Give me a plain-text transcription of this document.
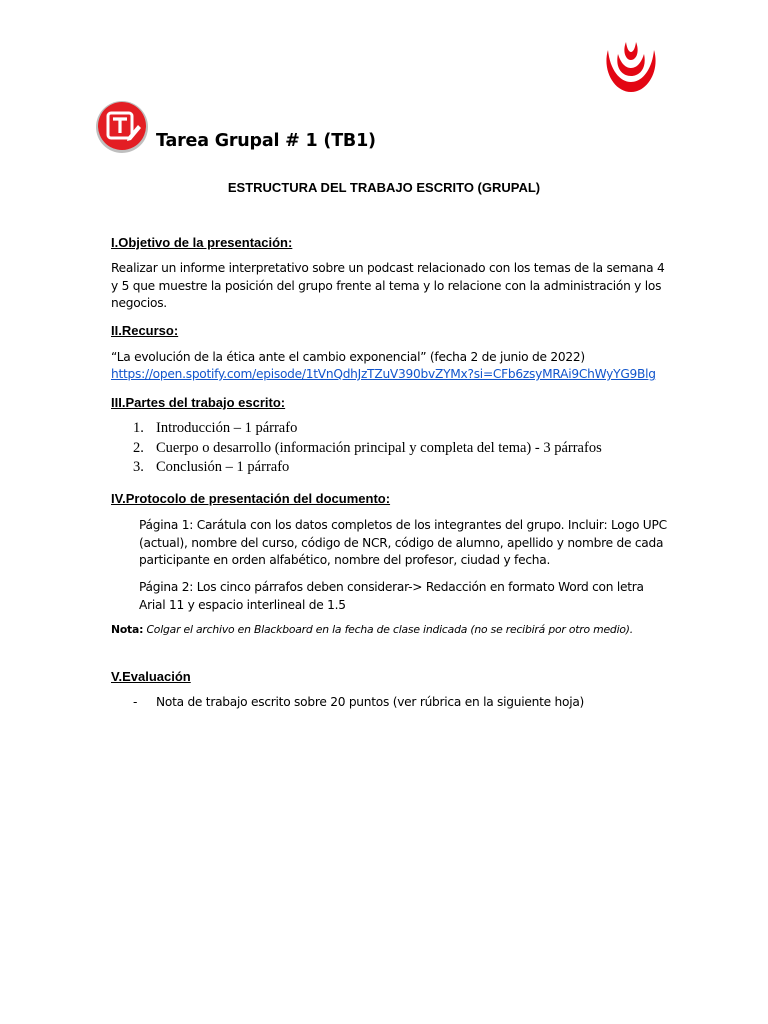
Tarea Grupal # 1 (TB1)
ESTRUCTURA DEL TRABAJO ESCRITO (GRUPAL)
I.Objetivo de la presentación:
Realizar un informe interpretativo sobre un podcast relacionado con los temas de la semana 4 y 5 que muestre la posición del grupo frente al tema y lo relacione con la administración y los negocios.
II.Recurso:
“La evolución de la ética ante el cambio exponencial” (fecha 2 de junio de 2022)
https://open.spotify.com/episode/1tVnQdhJzTZuV390bvZYMx?si=CFb6zsyMRAi9ChWyYG9Blg
III.Partes del trabajo escrito:
1. Introducción – 1 párrafo
2. Cuerpo o desarrollo (información principal y completa del tema) - 3 párrafos
3. Conclusión – 1 párrafo
IV.Protocolo de presentación del documento:
Página 1: Carátula con los datos completos de los integrantes del grupo. Incluir: Logo UPC (actual), nombre del curso, código de NCR, código de alumno, apellido y nombre de cada participante en orden alfabético, nombre del profesor, ciudad y fecha.
Página 2: Los cinco párrafos deben considerar-> Redacción en formato Word con letra Arial 11 y espacio interlineal de 1.5
Nota: Colgar el archivo en Blackboard en la fecha de clase indicada (no se recibirá por otro medio).
V.Evaluación
- Nota de trabajo escrito sobre 20 puntos (ver rúbrica en la siguiente hoja)
